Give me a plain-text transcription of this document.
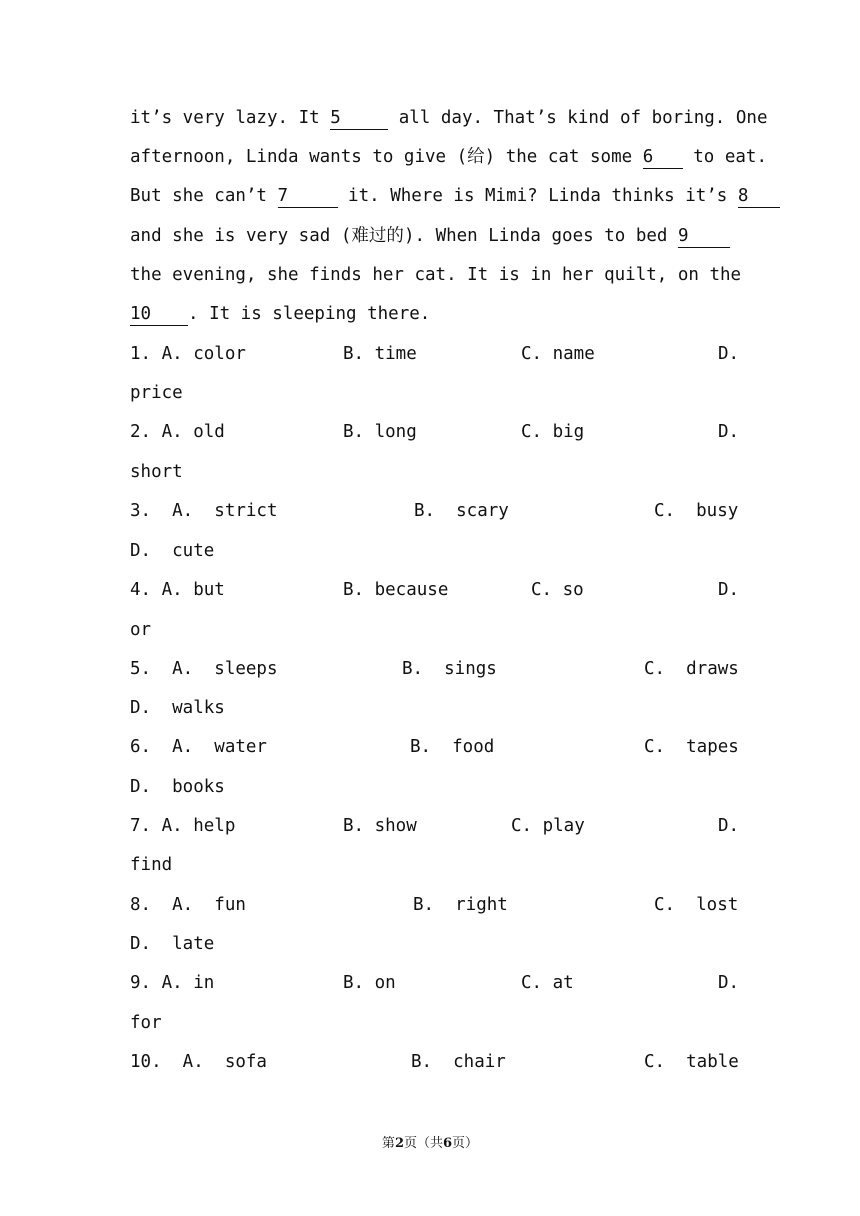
it’s very lazy. It 5	all day. That’s kind of boring. One
afternoon, Linda wants to give (给) the cat some 6 to eat.
But she can’t 7	it. Where is Mimi? Linda thinks it’s 8
and she is very sad (难过的). When Linda goes to bed 9
the evening, she finds her cat. It is in her quilt, on the
10 . It is sleeping there.

1. A. color

	B. time

	C. name

	D.

price

2. A. old

	B. long

	C. big

	D.

short

3.  A.  strict

	B.  scary

	C.  busy

D.  cute

4. A. but

	B. because

	C. so

	D.

or

5.  A.  sleeps

	B.  sings

	C.  draws

D.  walks

6.  A.  water

	B.  food

	C.  tapes

D.  books

7. A. help

	B. show

	C. play

	D.

find

8.  A.  fun

	B.  right

	C.  lost

D.  late

9. A. in

	B. on

	C. at

	D.

for

10.  A.  sofa

	B.  chair

	C.  table

第2页（共6页）
